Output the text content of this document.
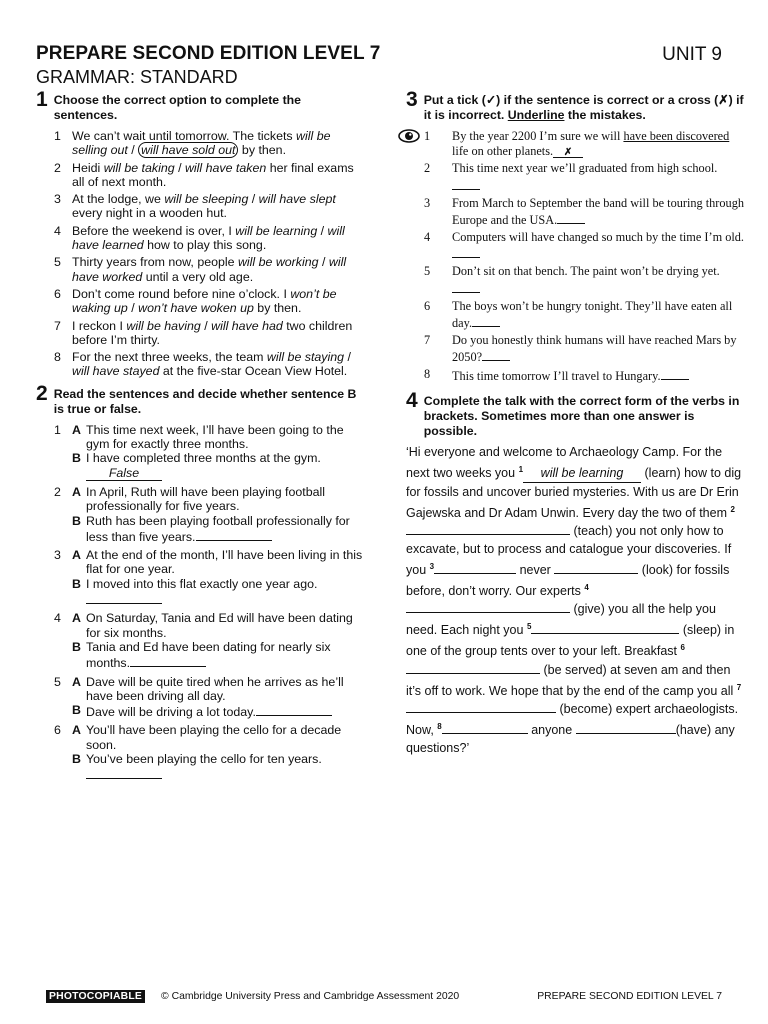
PREPARE SECOND EDITION LEVEL 7	UNIT 9
GRAMMAR: STANDARD
1 Choose the correct option to complete the sentences.
1 We can’t wait until tomorrow. The tickets will be selling out / will have sold out by then.
2 Heidi will be taking / will have taken her final exams all of next month.
3 At the lodge, we will be sleeping / will have slept every night in a wooden hut.
4 Before the weekend is over, I will be learning / will have learned how to play this song.
5 Thirty years from now, people will be working / will have worked until a very old age.
6 Don’t come round before nine o’clock. I won’t be waking up / won’t have woken up by then.
7 I reckon I will be having / will have had two children before I’m thirty.
8 For the next three weeks, the team will be staying / will have stayed at the five-star Ocean View Hotel.
2 Read the sentences and decide whether sentence B is true or false.
1 A This time next week, I’ll have been going to the gym for exactly three months.
B I have completed three months at the gym.
False
2 A In April, Ruth will have been playing football professionally for five years.
B Ruth has been playing football professionally for less than five years.
3 A At the end of the month, I’ll have been living in this flat for one year.
B I moved into this flat exactly one year ago.
4 A On Saturday, Tania and Ed will have been dating for six months.
B Tania and Ed have been dating for nearly six months.
5 A Dave will be quite tired when he arrives as he’ll have been driving all day.
B Dave will be driving a lot today.
6 A You’ll have been playing the cello for a decade soon.
B You’ve been playing the cello for ten years.
3 Put a tick (✓) if the sentence is correct or a cross (✗) if it is incorrect. Underline the mistakes.
1	By the year 2200 I’m sure we will have been discovered life on other planets. ✗
2	This time next year we’ll graduated from high school.
3	From March to September the band will be touring through Europe and the USA.
4	Computers will have changed so much by the time I’m old.
5	Don’t sit on that bench. The paint won’t be drying yet.
6	The boys won’t be hungry tonight. They’ll have eaten all day.
7	Do you honestly think humans will have reached Mars by 2050?
8	This time tomorrow I’ll travel to Hungary.
4 Complete the talk with the correct form of the verbs in brackets. Sometimes more than one answer is possible.
‘Hi everyone and welcome to Archaeology Camp. For the next two weeks you $^1$ will be learning (learn) how to dig for fossils and uncover buried mysteries. With us are Dr Erin Gajewska and Dr Adam Unwin. Every day the two of them $^2$ (teach) you not only how to excavate, but to process and catalogue your discoveries. If you $^3$	never	(look) for fossils before, don’t worry. Our experts $^4$ (give) you all the help you need. Each night you $^5$	(sleep) in one of the group tents over to your left. Breakfast $^6$ (be served) at seven am and then it’s off to work. We hope that by the end of the camp you all $^7$ (become) expert archaeologists. Now, $^8$	anyone	(have) any questions?’
PHOTOCOPIABLE © Cambridge University Press and Cambridge Assessment 2020	PREPARE SECOND EDITION LEVEL 7
